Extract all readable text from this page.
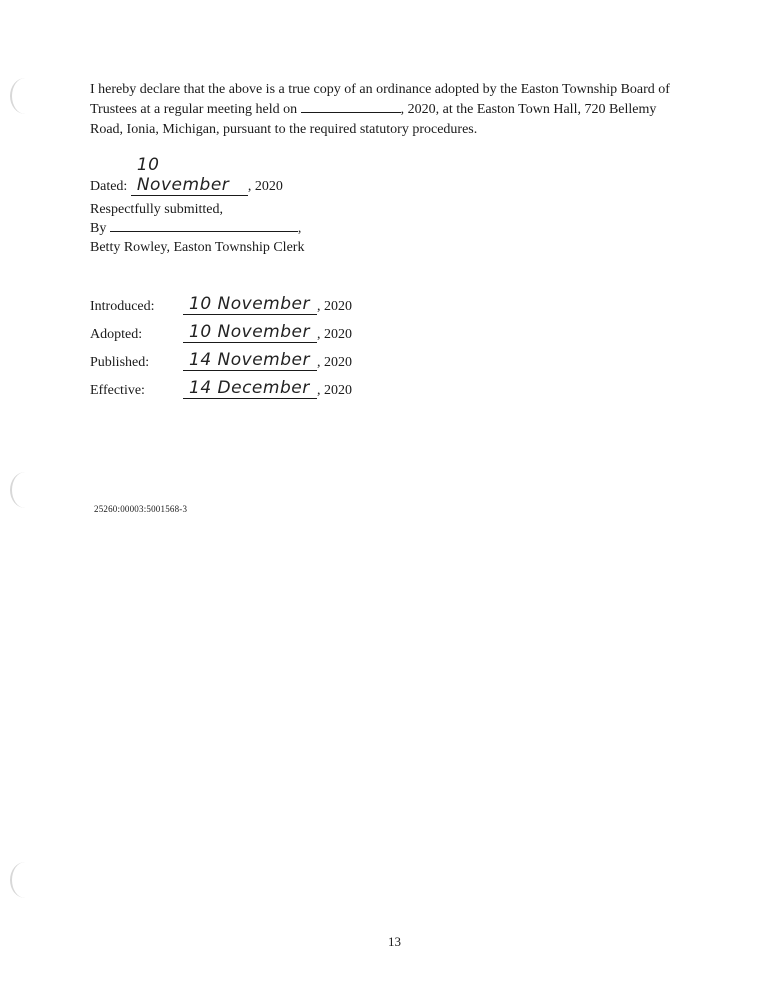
I hereby declare that the above is a true copy of an ordinance adopted by the Easton Township Board of Trustees at a regular meeting held on	, 2020, at the Easton Town Hall, 720 Bellemy Road, Ionia, Michigan, pursuant to the required statutory procedures.

Dated: 10 November , 2020
Respectfully submitted,
By	,
Betty Rowley, Easton Township Clerk
Introduced:	10 November , 2020
Adopted:	10 November , 2020
Published:	14 November , 2020
Effective:	14 December , 2020
25260:00003:5001568-3
13
